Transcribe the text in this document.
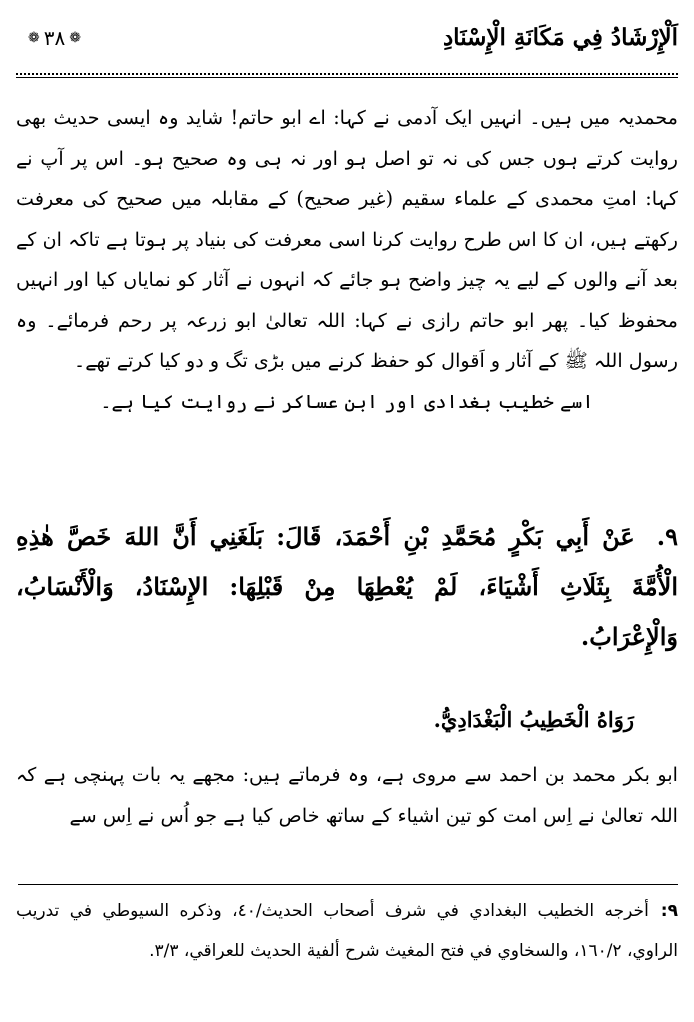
اَلْإِرْشَادُ فِي مَكَانَةِ الْإِسْنَادِ
❁ ٣٨ ❁

محمدیہ میں ہیں۔ انہیں ایک آدمی نے کہا: اے ابو حاتم! شاید وہ ایسی حدیث بھی روایت کرتے ہوں جس کی نہ تو اصل ہو اور نہ ہی وہ صحیح ہو۔ اس پر آپ نے کہا: امتِ محمدی کے علماء سقیم (غیر صحیح) کے مقابلہ میں صحیح کی معرفت رکھتے ہیں، ان کا اس طرح روایت کرنا اسی معرفت کی بنیاد پر ہوتا ہے تاکہ ان کے بعد آنے والوں کے لیے یہ چیز واضح ہو جائے کہ انہوں نے آثار کو نمایاں کیا اور انہیں محفوظ کیا۔ پھر ابو حاتم رازی نے کہا: اللہ تعالیٰ ابو زرعہ پر رحم فرمائے۔ وہ رسول اللہ ﷺ کے آثار و اَقوال کو حفظ کرنے میں بڑی تگ و دو کیا کرتے تھے۔

اسے خطیب بغدادی اور ابن عساکر نے روایت کیا ہے۔

٩.عَنْ أَبِي بَكْرٍ مُحَمَّدِ بْنِ أَحْمَدَ، قَالَ: بَلَغَنِي أَنَّ اللهَ خَصَّ هٰذِهِ الْأُمَّةَ بِثَلَاثِ أَشْيَاءَ، لَمْ يُعْطِهَا مِنْ قَبْلِهَا: الإِسْنَادُ، وَالْأَنْسَابُ، وَالْإِعْرَابُ.
رَوَاهُ الْخَطِيبُ الْبَغْدَادِيُّ.
ابو بکر محمد بن احمد سے مروی ہے، وہ فرماتے ہیں: مجھے یہ بات پہنچی ہے کہ اللہ تعالیٰ نے اِس امت کو تین اشیاء کے ساتھ خاص کیا ہے جو اُس نے اِس سے
٩:أخرجه الخطيب البغدادي في شرف أصحاب الحديث/٤٠، وذكره السيوطي في تدريب الراوي، ١٦٠/٢، والسخاوي في فتح المغيث شرح ألفية الحديث للعراقي، ٣/٣.
